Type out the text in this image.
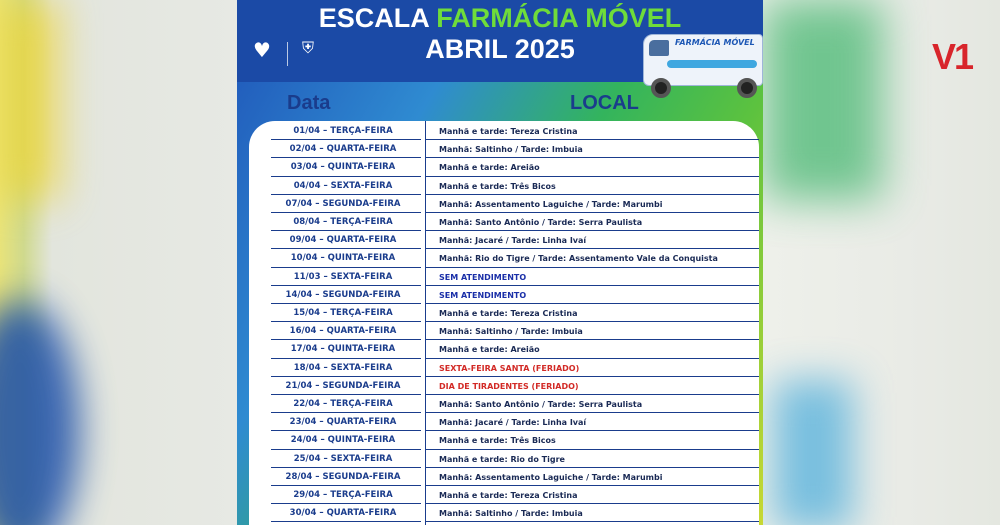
V1
ESCALA FARMÁCIA MÓVEL
ABRIL 2025
♥	⛨	FARMÁCIA MÓVEL
Data	LOCAL
01/04 – TERÇA-FEIRA	Manhã e tarde: Tereza Cristina
02/04 – QUARTA-FEIRA	Manhã: Saltinho / Tarde: Imbuia
03/04 – QUINTA-FEIRA	Manhã e tarde: Areião
04/04 – SEXTA-FEIRA	Manhã e tarde: Três Bicos
07/04 – SEGUNDA-FEIRA	Manhã: Assentamento Laguiche / Tarde: Marumbi
08/04 – TERÇA-FEIRA	Manhã: Santo Antônio / Tarde: Serra Paulista
09/04 – QUARTA-FEIRA	Manhã: Jacaré / Tarde: Linha Ivaí
10/04 – QUINTA-FEIRA	Manhã: Rio do Tigre / Tarde: Assentamento Vale da Conquista
11/03 – SEXTA-FEIRA	SEM ATENDIMENTO
14/04 – SEGUNDA-FEIRA	SEM ATENDIMENTO
15/04 – TERÇA-FEIRA	Manhã e tarde: Tereza Cristina
16/04 – QUARTA-FEIRA	Manhã: Saltinho / Tarde: Imbuia
17/04 – QUINTA-FEIRA	Manhã e tarde: Areião
18/04 – SEXTA-FEIRA	SEXTA-FEIRA SANTA (FERIADO)
21/04 – SEGUNDA-FEIRA	DIA DE TIRADENTES (FERIADO)
22/04 – TERÇA-FEIRA	Manhã: Santo Antônio / Tarde: Serra Paulista
23/04 – QUARTA-FEIRA	Manhã: Jacaré / Tarde: Linha Ivaí
24/04 – QUINTA-FEIRA	Manhã e tarde: Três Bicos
25/04 – SEXTA-FEIRA	Manhã e tarde: Rio do Tigre
28/04 – SEGUNDA-FEIRA	Manhã: Assentamento Laguiche / Tarde: Marumbi
29/04 – TERÇA-FEIRA	Manhã e tarde: Tereza Cristina
30/04 – QUARTA-FEIRA	Manhã: Saltinho / Tarde: Imbuia
